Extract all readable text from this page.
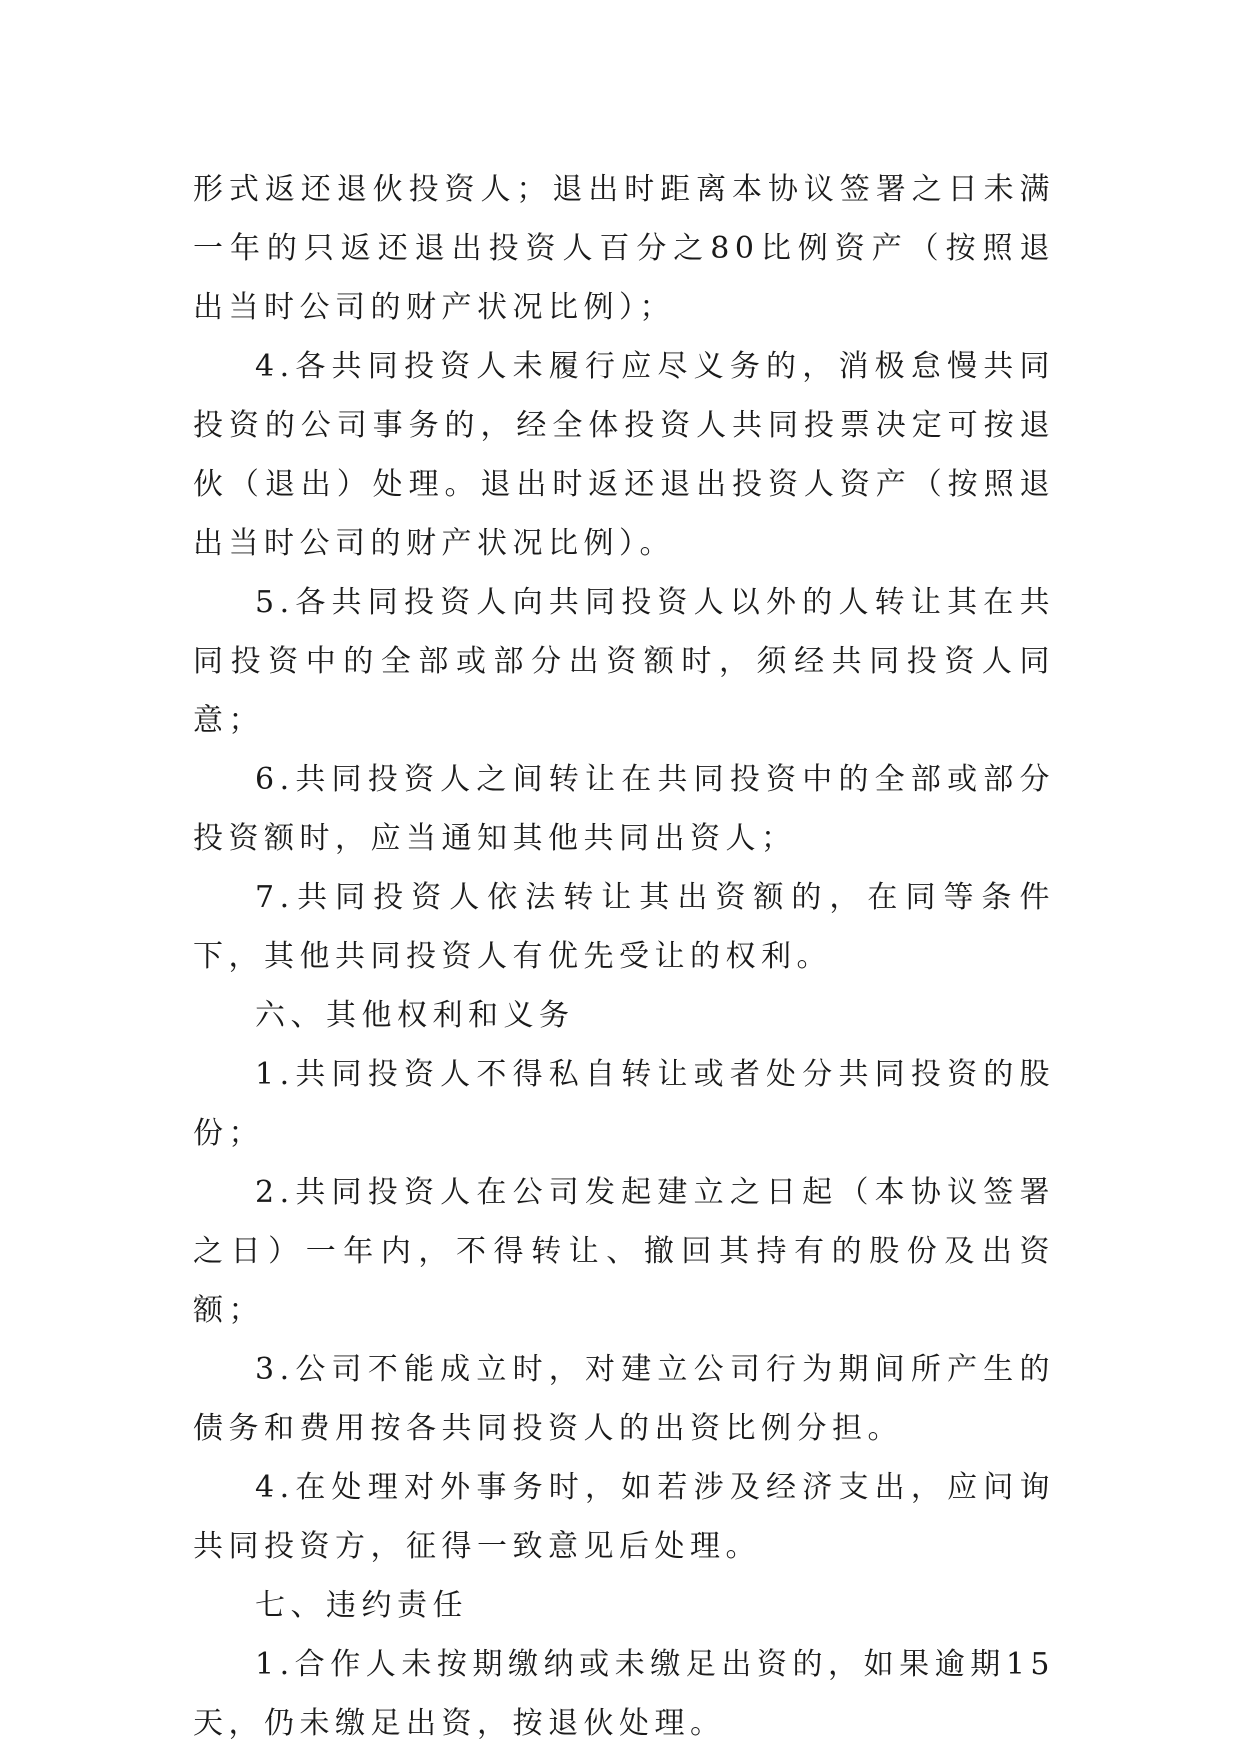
形式返还退伙投资人；退出时距离本协议签署之日未满一年的只返还退出投资人百分之80比例资产（按照退出当时公司的财产状况比例）；

4.各共同投资人未履行应尽义务的，消极怠慢共同投资的公司事务的，经全体投资人共同投票决定可按退伙（退出）处理。退出时返还退出投资人资产（按照退出当时公司的财产状况比例）。

5.各共同投资人向共同投资人以外的人转让其在共同投资中的全部或部分出资额时，须经共同投资人同意；

6.共同投资人之间转让在共同投资中的全部或部分投资额时，应当通知其他共同出资人；

7.共同投资人依法转让其出资额的，在同等条件下，其他共同投资人有优先受让的权利。

六、其他权利和义务

1.共同投资人不得私自转让或者处分共同投资的股份；

2.共同投资人在公司发起建立之日起（本协议签署之日）一年内，不得转让、撤回其持有的股份及出资额；

3.公司不能成立时，对建立公司行为期间所产生的债务和费用按各共同投资人的出资比例分担。

4.在处理对外事务时，如若涉及经济支出，应问询共同投资方，征得一致意见后处理。

七、违约责任

1.合作人未按期缴纳或未缴足出资的，如果逾期15天，仍未缴足出资，按退伙处理。
